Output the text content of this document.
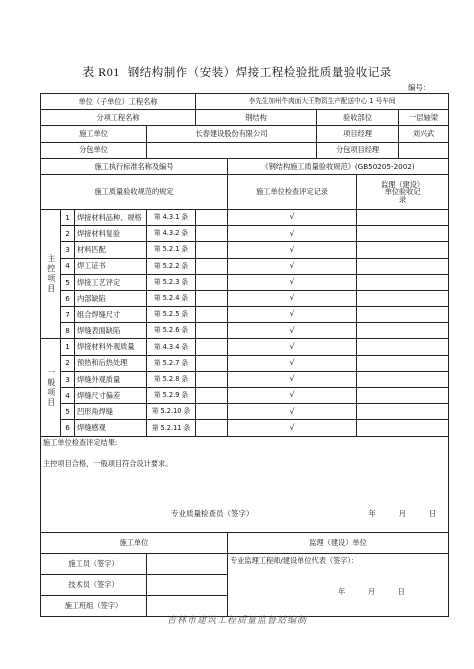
表 R01 钢结构制作（安装）焊接工程检验批质量验收记录
编号：
单位（子单位）工程名称				李先生加州牛肉面大王物资生产配送中心 1 号车间				
分项工程名称				钢结构		验收部位		一层轴梁
施工单位			长春建设股份有限公司			项目经理		刘兴武
分包单位						分包项目经理		
施工执行标准名称及编号					《钢结构施工质量验收规范》(GB50205-2002)			
施工质量验收规范的规定					施工单位检查评定记录		监理（建设）
单位验收记
录	

主控项目	1	焊接材料品种、规格	第 4.3.1 条		√			
	2	焊接材料复验	第 4.3.2 条		√			
	3	材料匹配	第 5.2.1 条		√			
	4	焊工证书	第 5.2.2 条		√			
	5	焊接工艺评定	第 5.2.3 条		√			
	6	内部缺陷	第 5.2.4 条		√			
	7	组合焊缝尺寸	第 5.2.5 条		√			
	8	焊缝表面缺陷	第 5.2.6 条		√			
一般项目	1	焊接材料外观质量	第 4.3.4 条		√			
	2	预热和后热处理	第 5.2.7 条		√			
	3	焊缝外观质量	第 5.2.8 条		√			
	4	焊缝尺寸偏差	第 5.2.9 条		√			
	5	凹形角焊缝	第 5.2.10 条		√			
	6	焊缝感观	第 5.2.11 条		√			

施工单位检查评定结果:
主控项目合格，一般项目符合设计要求。
专业质量检查员（签字） 年 月 日								

施工单位					监理（建设）单位			
施工员（签字）					专业监理工程师/建设单位代表（签字）：
年 月 日			

技术员（签字）								
施工班组（签字）								
吉林市建筑工程质量监督站编制
